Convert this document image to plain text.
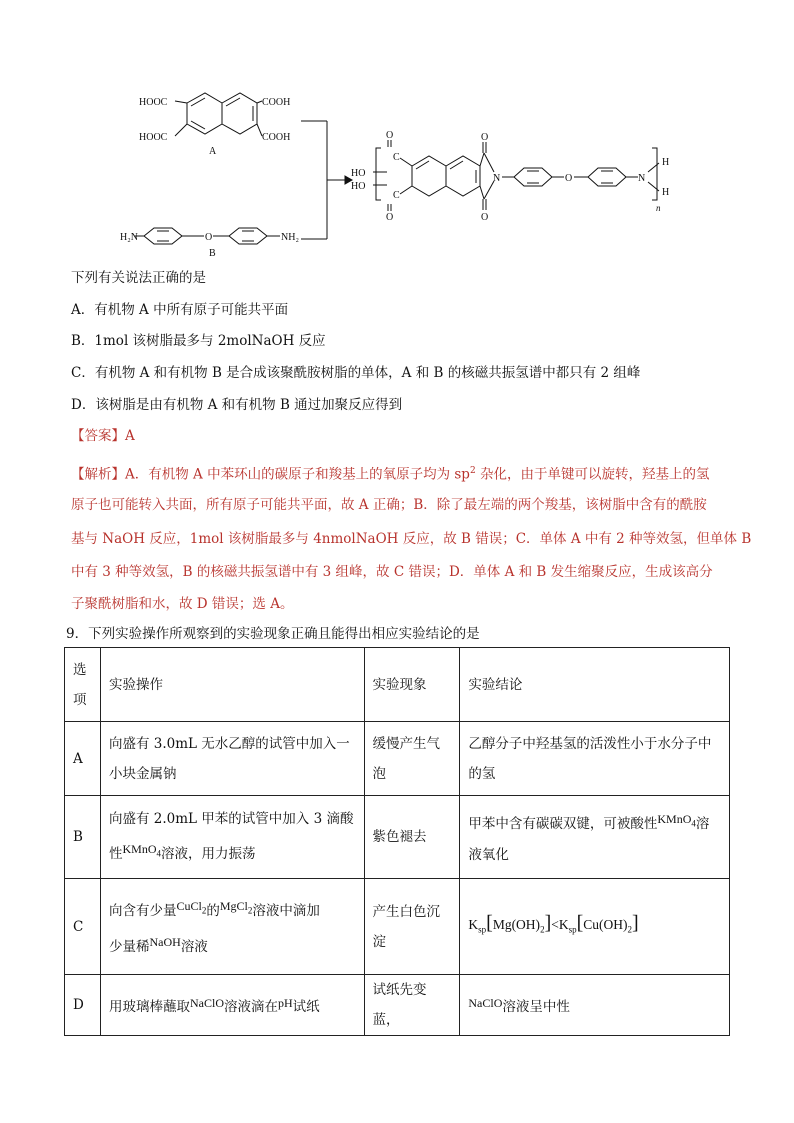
HOOC
HOOC
COOH
COOH
A
H₂N	O	NH₂
B
HO
HO
O
O
C
C
O
O
N	O	N
H
H
n
下列有关说法正确的是
A．有机物 A 中所有原子可能共平面
B．1mol 该树脂最多与 2molNaOH 反应
C．有机物 A 和有机物 B 是合成该聚酰胺树脂的单体，A 和 B 的核磁共振氢谱中都只有 2 组峰
D．该树脂是由有机物 A 和有机物 B 通过加聚反应得到
【答案】A
【解析】A．有机物 A 中苯环山的碳原子和羧基上的氧原子均为 $sp^2$ 杂化，由于单键可以旋转，羟基上的氢
原子也可能转入共面，所有原子可能共平面，故 A 正确；B．除了最左端的两个羧基，该树脂中含有的酰胺
基与 NaOH 反应，1mol 该树脂最多与 4nmolNaOH 反应，故 B 错误；C．单体 A 中有 2 种等效氢，但单体 B
中有 3 种等效氢，B 的核磁共振氢谱中有 3 组峰，故 C 错误；D．单体 A 和 B 发生缩聚反应，生成该高分
子聚酰树脂和水，故 D 错误；选 A。
9．下列实验操作所观察到的实验现象正确且能得出相应实验结论的是
选
项	实验操作	实验现象	实验结论
A	向盛有 3.0mL 无水乙醇的试管中加入一
小块金属钠	缓慢产生气
泡	乙醇分子中羟基氢的活泼性小于水分子中
的氢
B	向盛有 2.0mL 甲苯的试管中加入 3 滴酸
性$^{KMnO_4}$溶液，用力振荡	紫色褪去	甲苯中含有碳碳双键，可被酸性$^{KMnO_4}$溶
液氧化
C	向含有少量$^{CuCl_2}$的$^{MgCl_2}$溶液中滴加
少量稀$^{NaOH}$溶液	产生白色沉
淀	$K_{sp}[Mg(OH)_2]<K_{sp}[Cu(OH)_2]$
D	用玻璃棒蘸取$^{NaClO}$溶液滴在$^{pH}$试纸	试纸先变蓝，	$^{NaClO}$溶液呈中性
